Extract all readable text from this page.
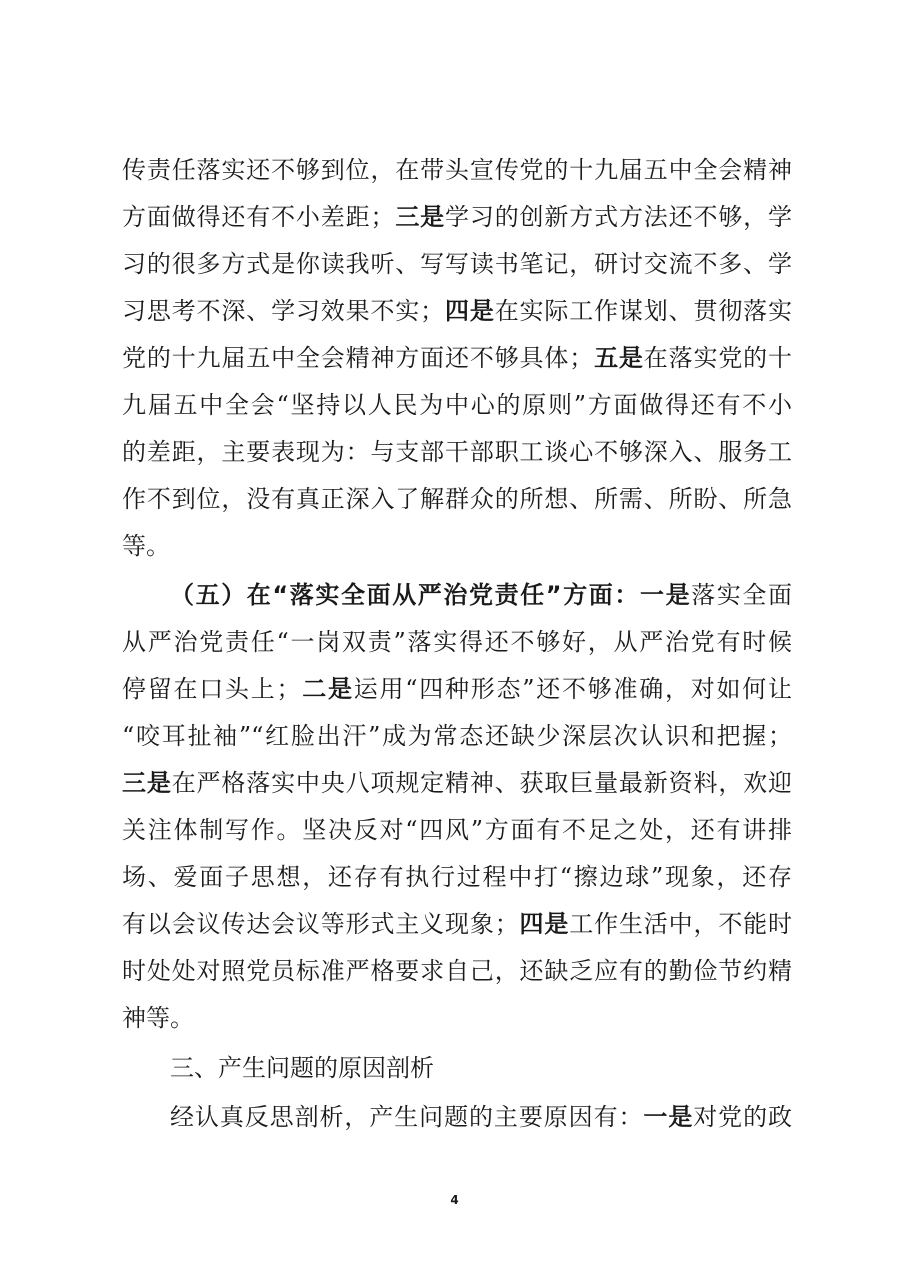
传责任落实还不够到位，在带头宣传党的十九届五中全会精神
方面做得还有不小差距；三是学习的创新方式方法还不够，学
习的很多方式是你读我听、写写读书笔记，研讨交流不多、学
习思考不深、学习效果不实；四是在实际工作谋划、贯彻落实
党的十九届五中全会精神方面还不够具体；五是在落实党的十
九届五中全会“坚持以人民为中心的原则”方面做得还有不小
的差距，主要表现为：与支部干部职工谈心不够深入、服务工
作不到位，没有真正深入了解群众的所想、所需、所盼、所急
等。
（五）在“落实全面从严治党责任”方面：一是落实全面
从严治党责任“一岗双责”落实得还不够好，从严治党有时候
停留在口头上；二是运用“四种形态”还不够准确，对如何让
“咬耳扯袖”“红脸出汗”成为常态还缺少深层次认识和把握；
三是在严格落实中央八项规定精神、获取巨量最新资料，欢迎
关注体制写作。坚决反对“四风”方面有不足之处，还有讲排
场、爱面子思想，还存有执行过程中打“擦边球”现象，还存
有以会议传达会议等形式主义现象；四是工作生活中，不能时
时处处对照党员标准严格要求自己，还缺乏应有的勤俭节约精
神等。
三、产生问题的原因剖析
经认真反思剖析，产生问题的主要原因有：一是对党的政
4
